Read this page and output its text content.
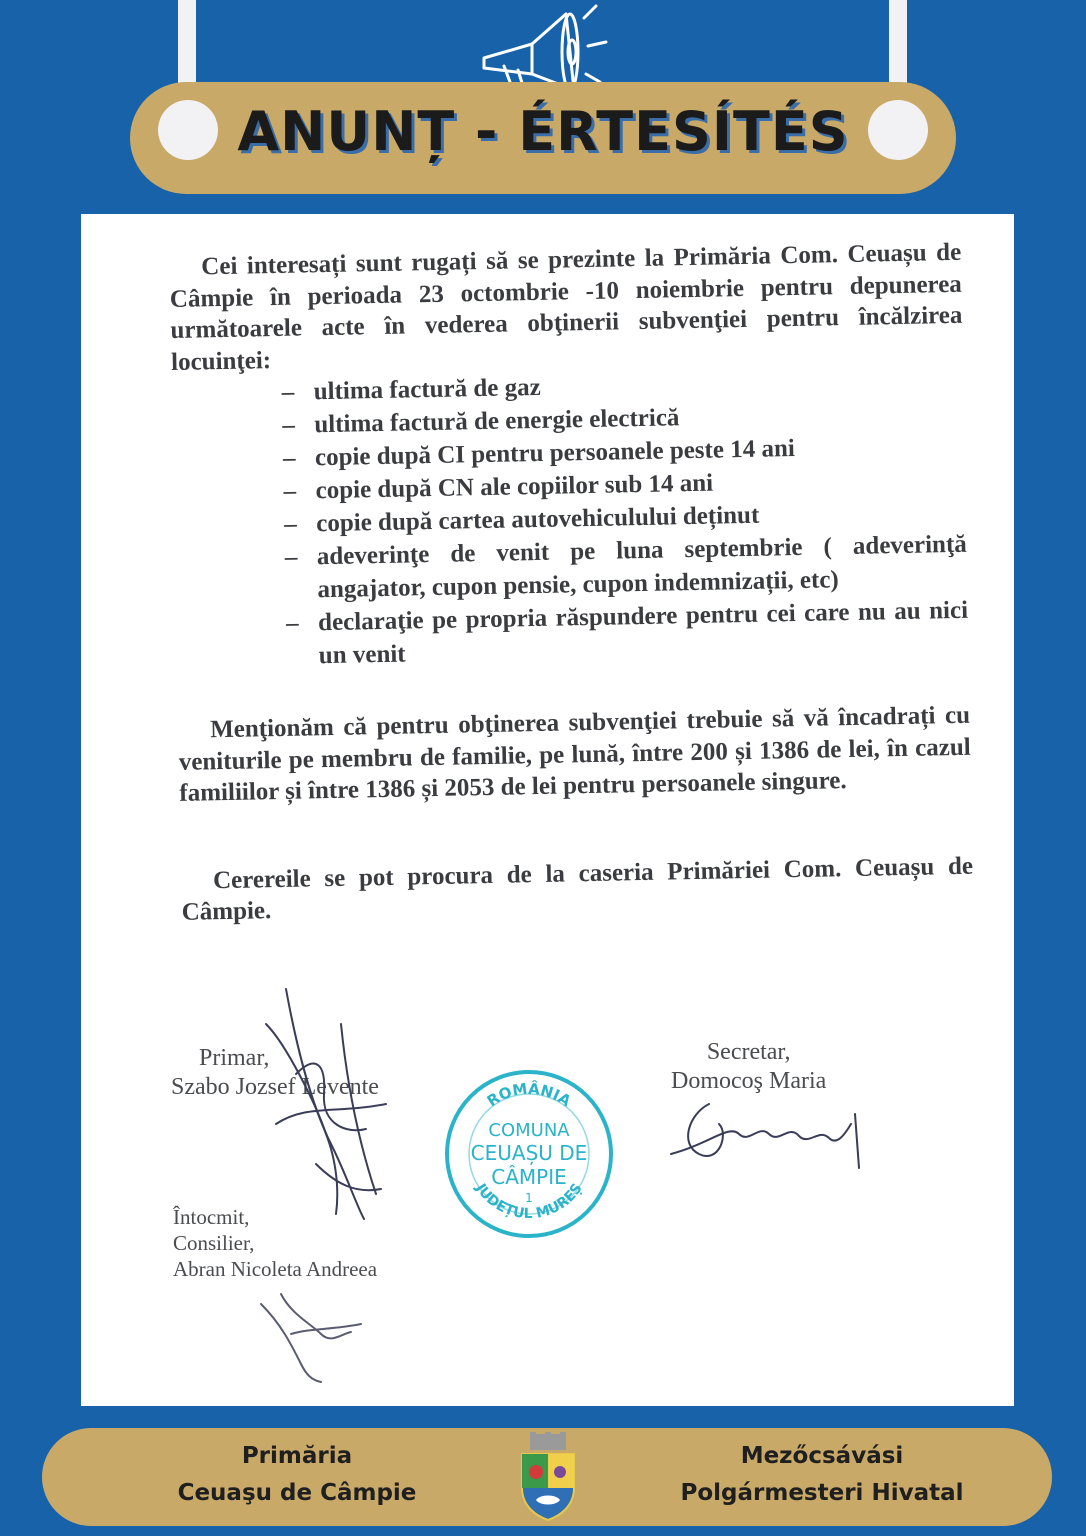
ANUNȚ - ÉRTESÍTÉS

Cei interesați sunt rugați să se prezinte la Primăria Com. Ceuașu de Câmpie în perioada 23 octombrie -10 noiembrie pentru depunerea următoarele acte în vederea obţinerii subvenţiei pentru încălzirea locuinţei:

– ultima factură de gaz
– ultima factură de energie electrică
– copie după CI pentru persoanele peste 14 ani
– copie după CN ale copiilor sub 14 ani
– copie după cartea autovehiculului deținut
– adeverinţe de venit pe luna septembrie ( adeverinţă angajator, cupon pensie, cupon indemnizații, etc)
– declaraţie pe propria răspundere pentru cei care nu au nici un venit

Menţionăm că pentru obţinerea subvenţiei trebuie să vă încadrați cu veniturile pe membru de familie, pe lună, între 200 și 1386 de lei, în cazul familiilor și între 1386 și 2053 de lei pentru persoanele singure.

Cerereile se pot procura de la caseria Primăriei Com. Ceuașu de Câmpie.

Primar,
Szabo Jozsef Levente
Secretar,
Domocoş Maria
Întocmit,
Consilier,
Abran Nicoleta Andreea
ROMÂNIA
COMUNA
CEUAȘU DE
CÂMPIE
1
JUDEȚUL MUREȘ
Primăria
Ceuaşu de Câmpie
Mezőcsávási
Polgármesteri Hivatal
